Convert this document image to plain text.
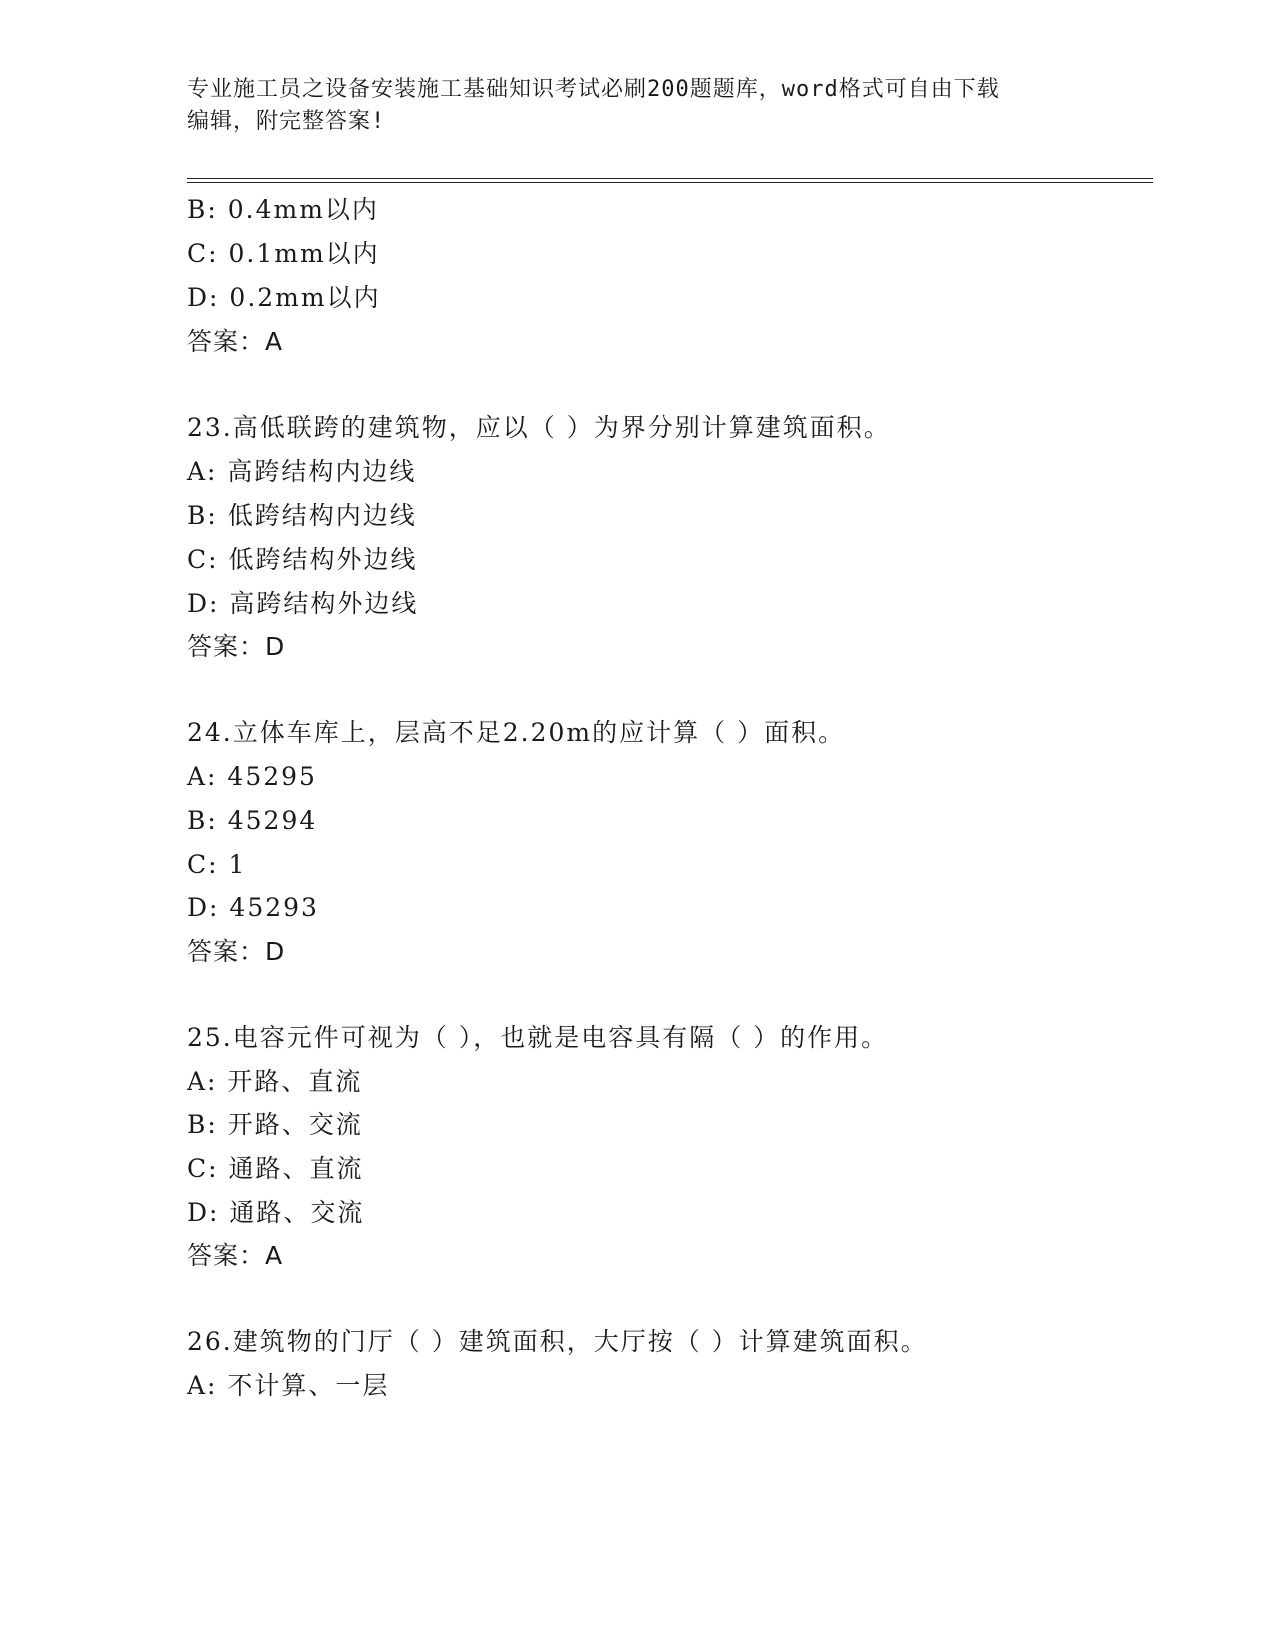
专业施工员之设备安装施工基础知识考试必刷200题题库，word格式可自由下载
编辑，附完整答案!
B: 0.4mm以内
C: 0.1mm以内
D: 0.2mm以内
答案：A
23.高低联跨的建筑物，应以（ ）为界分别计算建筑面积。
A: 高跨结构内边线
B: 低跨结构内边线
C: 低跨结构外边线
D: 高跨结构外边线
答案：D
24.立体车库上，层高不足2.20m的应计算（ ）面积。
A: 45295
B: 45294
C: 1
D: 45293
答案：D
25.电容元件可视为（ ），也就是电容具有隔（ ）的作用。
A: 开路、直流
B: 开路、交流
C: 通路、直流
D: 通路、交流
答案：A
26.建筑物的门厅（ ）建筑面积，大厅按（ ）计算建筑面积。
A: 不计算、一层
